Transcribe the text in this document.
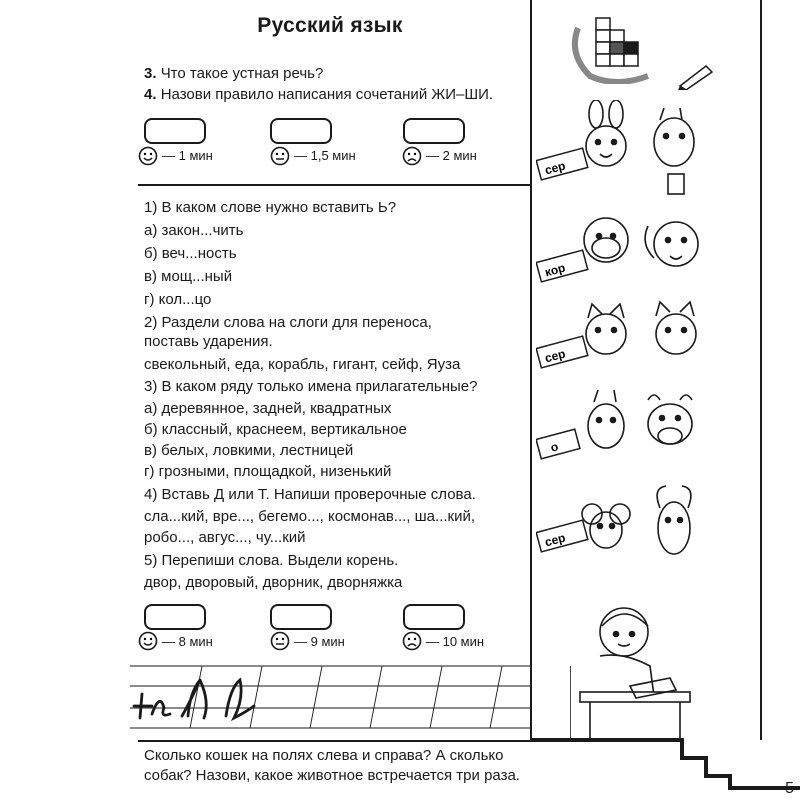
Русский язык
3. Что такое устная речь?
4. Назови правило написания сочетаний ЖИ–ШИ.
— 1 мин	— 1,5 мин	— 2 мин
1) В каком слове нужно вставить Ь?
а) закон...чить
б) веч...ность
в) мощ...ный
г) кол...цо
2) Раздели слова на слоги для переноса,
поставь ударения.
свекольный, еда, корабль, гигант, сейф, Яуза
3) В каком ряду только имена прилагательные?
а) деревянное, задней, квадратных
б) классный, краснеем, вертикальное
в) белых, ловкими, лестницей
г) грозными, площадкой, низенький
4) Вставь Д или Т. Напиши проверочные слова.
сла...кий, вре..., бегемо..., космонав..., ша...кий,
робо..., авгус..., чу...кий
5) Перепиши слова. Выдели корень.
двор, дворовый, дворник, дворняжка
— 8 мин	— 9 мин	— 10 мин
Сколько кошек на полях слева и справа? А сколько
собак? Назови, какое животное встречается три раза.
5
сер
кор
сер
о
сер
